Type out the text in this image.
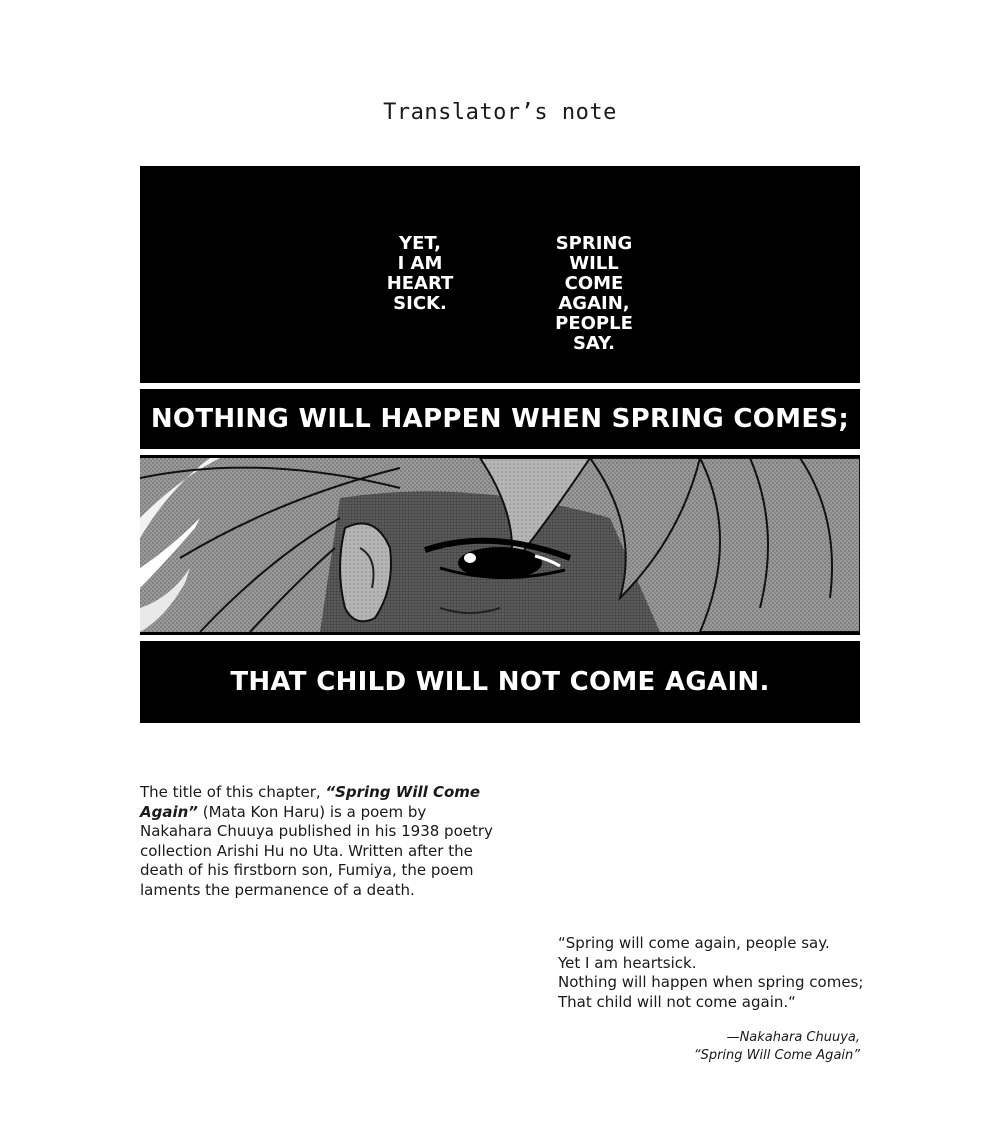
Translator’s note
YET,
I AM
HEART
SICK.
SPRING
WILL COME
AGAIN,
PEOPLE
SAY.
NOTHING WILL HAPPEN WHEN SPRING COMES;
THAT CHILD WILL NOT COME AGAIN.
The title of this chapter, “Spring Will Come Again” (Mata Kon Haru) is a poem by Nakahara Chuuya published in his 1938 poetry collection Arishi Hu no Uta. Written after the death of his firstborn son, Fumiya, the poem laments the permanence of a death.
“Spring will come again, people say.
Yet I am heartsick.
Nothing will happen when spring comes;
That child will not come again.“
—Nakahara Chuuya,
“Spring Will Come Again”
